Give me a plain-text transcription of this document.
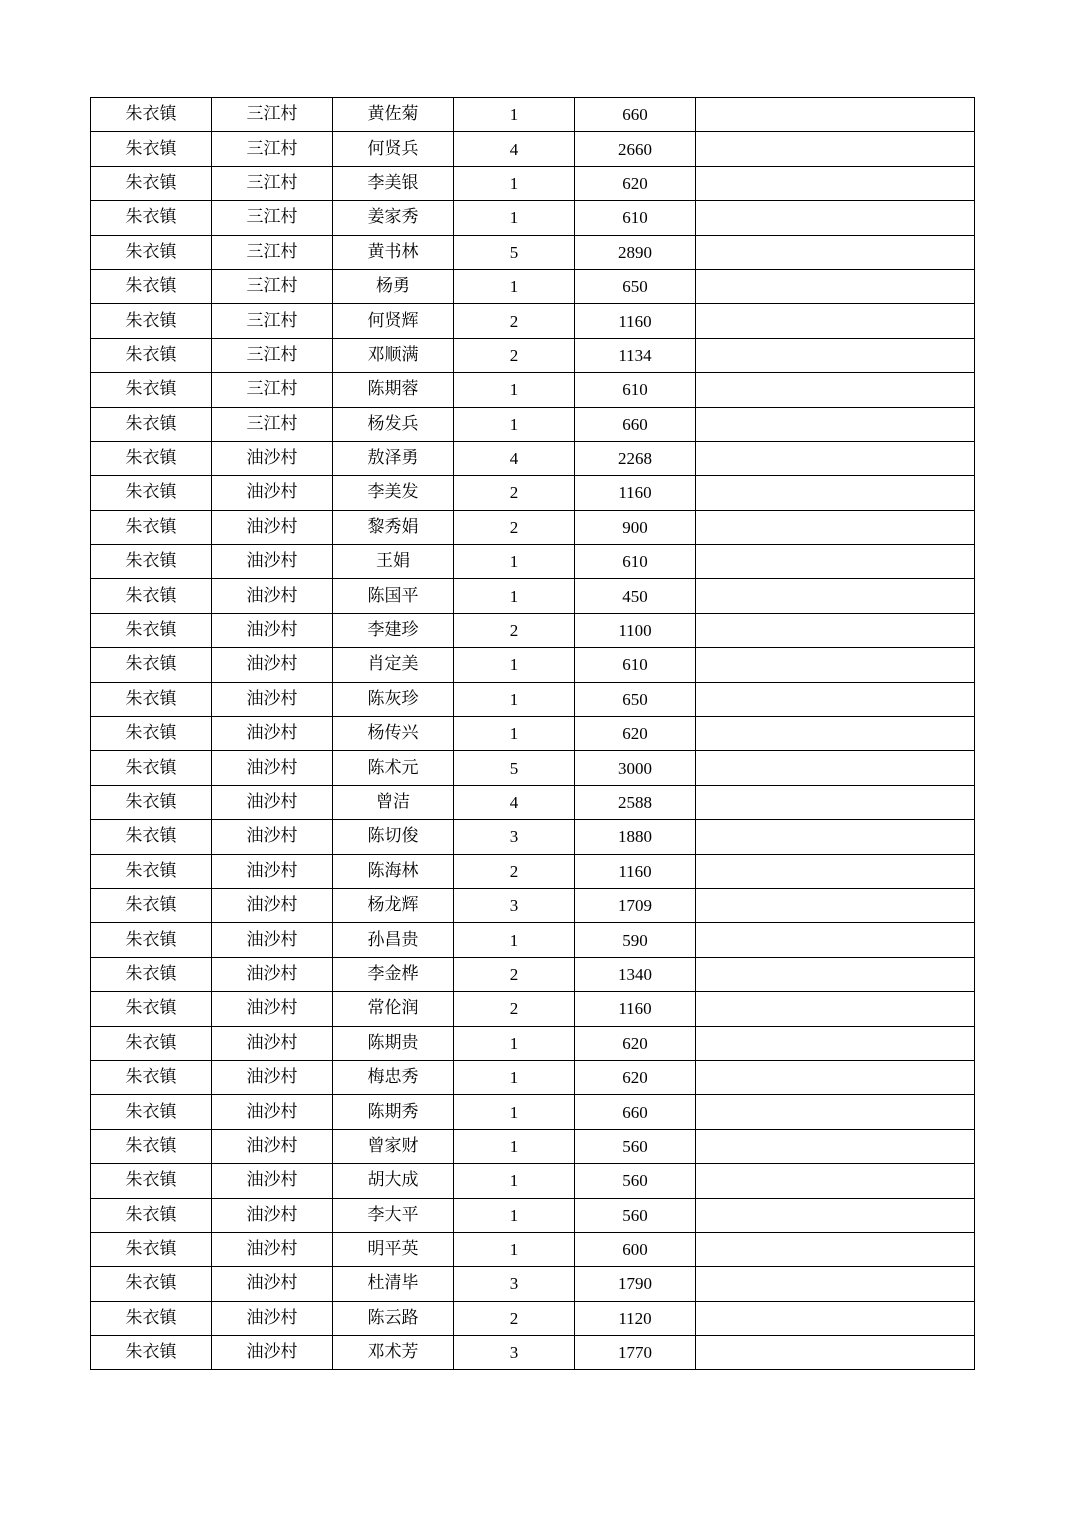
朱衣镇	三江村	黄佐菊	1	660	
朱衣镇	三江村	何贤兵	4	2660	
朱衣镇	三江村	李美银	1	620	
朱衣镇	三江村	姜家秀	1	610	
朱衣镇	三江村	黄书林	5	2890	
朱衣镇	三江村	杨勇	1	650	
朱衣镇	三江村	何贤辉	2	1160	
朱衣镇	三江村	邓顺满	2	1134	
朱衣镇	三江村	陈期蓉	1	610	
朱衣镇	三江村	杨发兵	1	660	
朱衣镇	油沙村	敖泽勇	4	2268	
朱衣镇	油沙村	李美发	2	1160	
朱衣镇	油沙村	黎秀娟	2	900	
朱衣镇	油沙村	王娟	1	610	
朱衣镇	油沙村	陈国平	1	450	
朱衣镇	油沙村	李建珍	2	1100	
朱衣镇	油沙村	肖定美	1	610	
朱衣镇	油沙村	陈灰珍	1	650	
朱衣镇	油沙村	杨传兴	1	620	
朱衣镇	油沙村	陈术元	5	3000	
朱衣镇	油沙村	曾洁	4	2588	
朱衣镇	油沙村	陈切俊	3	1880	
朱衣镇	油沙村	陈海林	2	1160	
朱衣镇	油沙村	杨龙辉	3	1709	
朱衣镇	油沙村	孙昌贵	1	590	
朱衣镇	油沙村	李金桦	2	1340	
朱衣镇	油沙村	常伦润	2	1160	
朱衣镇	油沙村	陈期贵	1	620	
朱衣镇	油沙村	梅忠秀	1	620	
朱衣镇	油沙村	陈期秀	1	660	
朱衣镇	油沙村	曾家财	1	560	
朱衣镇	油沙村	胡大成	1	560	
朱衣镇	油沙村	李大平	1	560	
朱衣镇	油沙村	明平英	1	600	
朱衣镇	油沙村	杜清毕	3	1790	
朱衣镇	油沙村	陈云路	2	1120	
朱衣镇	油沙村	邓术芳	3	1770	
